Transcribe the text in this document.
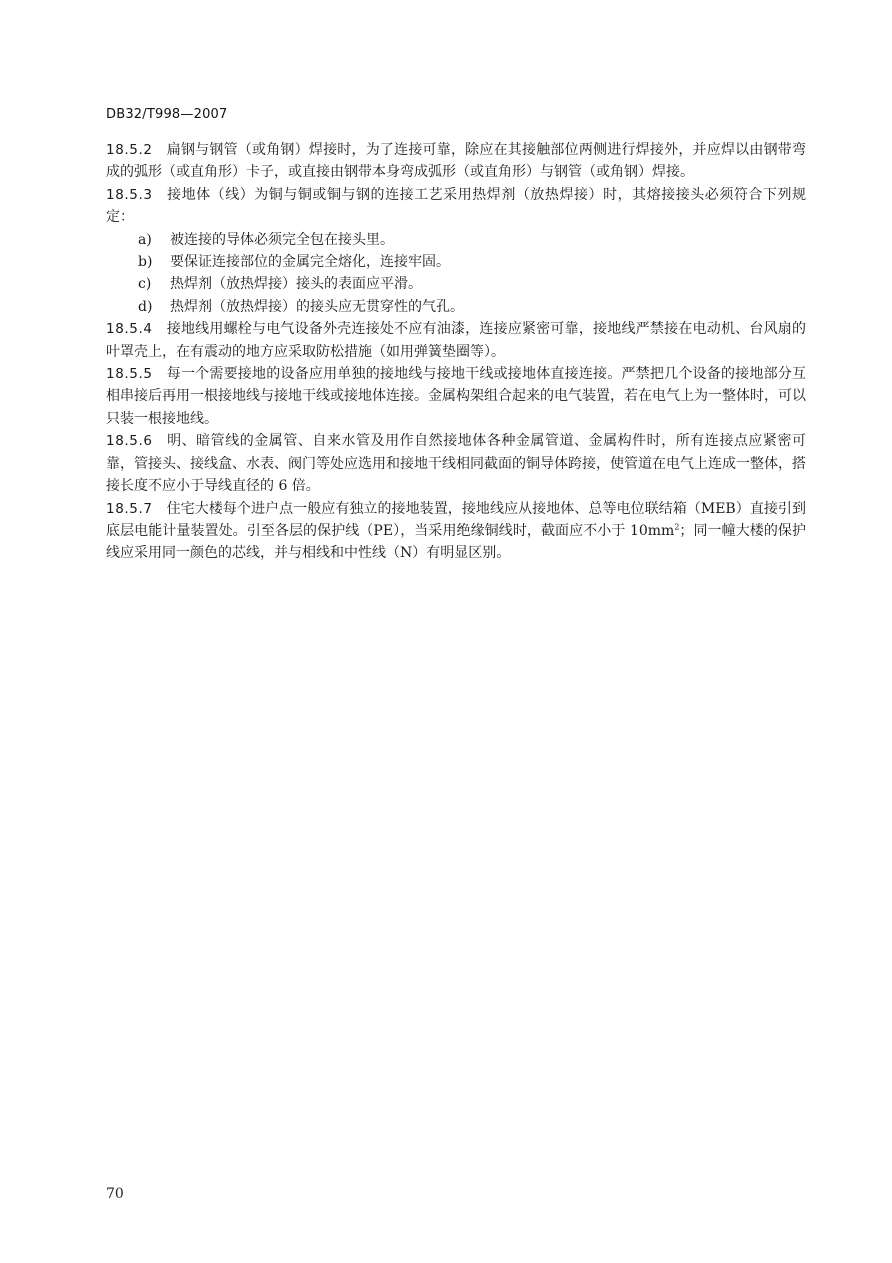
DB32/T998—2007

18.5.2 扁钢与钢管（或角钢）焊接时，为了连接可靠，除应在其接触部位两侧进行焊接外，并应焊以由钢带弯成的弧形（或直角形）卡子，或直接由钢带本身弯成弧形（或直角形）与钢管（或角钢）焊接。

18.5.3 接地体（线）为铜与铜或铜与钢的连接工艺采用热焊剂（放热焊接）时，其熔接接头必须符合下列规定：

a) 被连接的导体必须完全包在接头里。
b) 要保证连接部位的金属完全熔化，连接牢固。
c) 热焊剂（放热焊接）接头的表面应平滑。
d) 热焊剂（放热焊接）的接头应无贯穿性的气孔。

18.5.4 接地线用螺栓与电气设备外壳连接处不应有油漆，连接应紧密可靠，接地线严禁接在电动机、台风扇的叶罩壳上，在有震动的地方应采取防松措施（如用弹簧垫圈等）。

18.5.5 每一个需要接地的设备应用单独的接地线与接地干线或接地体直接连接。严禁把几个设备的接地部分互相串接后再用一根接地线与接地干线或接地体连接。金属构架组合起来的电气装置，若在电气上为一整体时，可以只装一根接地线。

18.5.6 明、暗管线的金属管、自来水管及用作自然接地体各种金属管道、金属构件时，所有连接点应紧密可靠，管接头、接线盒、水表、阀门等处应选用和接地干线相同截面的铜导体跨接，使管道在电气上连成一整体，搭接长度不应小于导线直径的 6 倍。

18.5.7 住宅大楼每个进户点一般应有独立的接地装置，接地线应从接地体、总等电位联结箱（MEB）直接引到底层电能计量装置处。引至各层的保护线（PE），当采用绝缘铜线时，截面应不小于 $10mm^2$；同一幢大楼的保护线应采用同一颜色的芯线，并与相线和中性线（N）有明显区别。

70
